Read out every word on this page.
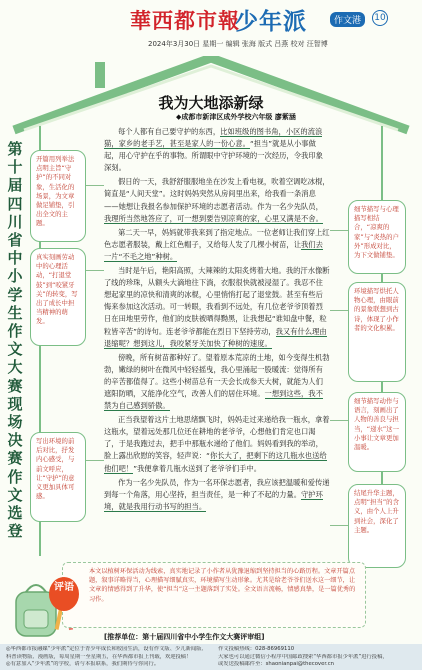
華西都市報
少年派	作文港	10
2024年3月30日 星期一 编辑 张海 版式 吕燕 校对 汪智博
第
十
届
四
川
省
中
小
学
生
作
文
大
赛
现
场
决
赛
作
文
选
登
我为大地添新绿
◆成都市新津区成外学校六年级 廖紫涵

每个人都有自己要守护的东西，比如班级的图书角，小区的流浪猫，家乡的老手艺，甚至是家人的一份心意。“担当”就是从小事做起，用心守护在乎的事物。所谓眼中守护环境的一次经历，令我印象深刻。

假日的一天，我舒舒服服地坐在沙发上看电视，吹着空调吃冰棍，简直是“人间天堂”。这时妈妈突然从房间里出来，给我看一条消息——她想让我报名参加保护环境的志愿者活动。作为一名少先队员，我理所当然地答应了，可一想到要告别凉爽的家，心里又满是不舍。

第二天一早，妈妈就带我来到了指定地点。一位老师让我们穿上红色志愿者服装，戴上红色帽子，又给每人发了几棵小树苗，让我们去一片“不毛之地”种树。

当时是午后，艳阳高照，大辣辣的太阳炙烤着大地。我的汗水像断了线的珍珠，从额头大滴地往下淌，衣服很快就被浸湿了。我忍不住想起家里的凉快和清爽的冰棍，心里悄悄打起了退堂鼓。甚至有些后悔来参加这次活动。可一转眼，我看到不远处，有几位老爷爷顶着烈日在田地里劳作，他们的皮肤被晒得黝黑，让我想起“谁知盘中餐，粒粒皆辛苦”的诗句。连老爷爷都能在烈日下坚持劳动，我又有什么理由退缩呢？想到这儿，我咬紧牙关加快了种树的速度。

傍晚，所有树苗都种好了。望着原本荒凉的土地，如今变得生机勃勃，嫩绿的树叶在微风中轻轻摇曳，我心里涌起一股暖流：觉得所有的辛苦都值得了。这些小树苗总有一天会长成参天大树，就能为人们遮阳防晒，又能净化空气，改善人们的居住环境。一想到这些，我不禁为自己感到骄傲。

正当我望着这片土地思绪飘飞时，妈妈走过来递给我一瓶水，拿着这瓶水，望着远处那几位还在耕地的老爷爷，心想他们肯定也口渴了，于是我跑过去，把手中那瓶水递给了他们。妈妈看到我的举动，脸上露出欣慰的笑容，轻声说：“你长大了，把剩下的这几瓶水也送给他们吧！”我便拿着几瓶水送到了老爷爷们手中。

作为一名少先队员，作为一名环保志愿者，我应该把温暖和爱传递到每一个角落，用心坚持，担当责任，是一种了不起的力量。守护环境，就是我用行动书写的担当。

开篇用列举法点明主旨“守护”的不同对象，生活化的场景，为文章做足铺垫，引出全文的主题。
真实刻画劳动中的心理活动，“打退堂鼓”到“咬紧牙关”的转变，写出了成长中担当精神的萌发。
写出环境的前后对比，抒发内心感受，与前文呼应，让“守护”的意义更加具体可感。
细节描写与心理描写相结合，“凉爽的家”与“炎热的户外”形成对比，为下文做铺垫。
环境描写烘托人物心理，由眼前的景象联想到古诗，体现了小作者的文化积累。
细节描写动作与语言，刻画出了人物的善良与担当，“递水”这一小事让文章更加温暖。
结尾升华主题，点明“担当”的含义，由个人上升到社会，深化了主题。
评语
本文以植树环保活动为线索，真实地记录了小作者从犹豫退缩到坚持担当的心路历程。文章开篇点题，叙事详略得当，心理描写细腻真实，环境描写生动形象。尤其是给老爷爷们送水这一细节，让文章的情感得到了升华，使“担当”这一主题落到了实处。全文语言流畅，情感真挚，是一篇优秀的习作。
[推荐单位：第十届四川省中小学生作文大赛评审组]
◎华西都市报融媒“少年派”定位于青少年成长和校园生活，设有作文版、少儿新闻版、
科普读物版、漫画版，每周星期一至星期五，在华西都市报上刊载，欢迎投稿！
◎有意加入“少年派”的学校，请与本报联系，我们期待与你同行。
作文投稿热线：028-86969110
大家也可以通过微信小程序中国邮政搜索“华西都市报少年派”进行投稿，
或发送投稿邮件至：shaonianpai@thecover.cn
